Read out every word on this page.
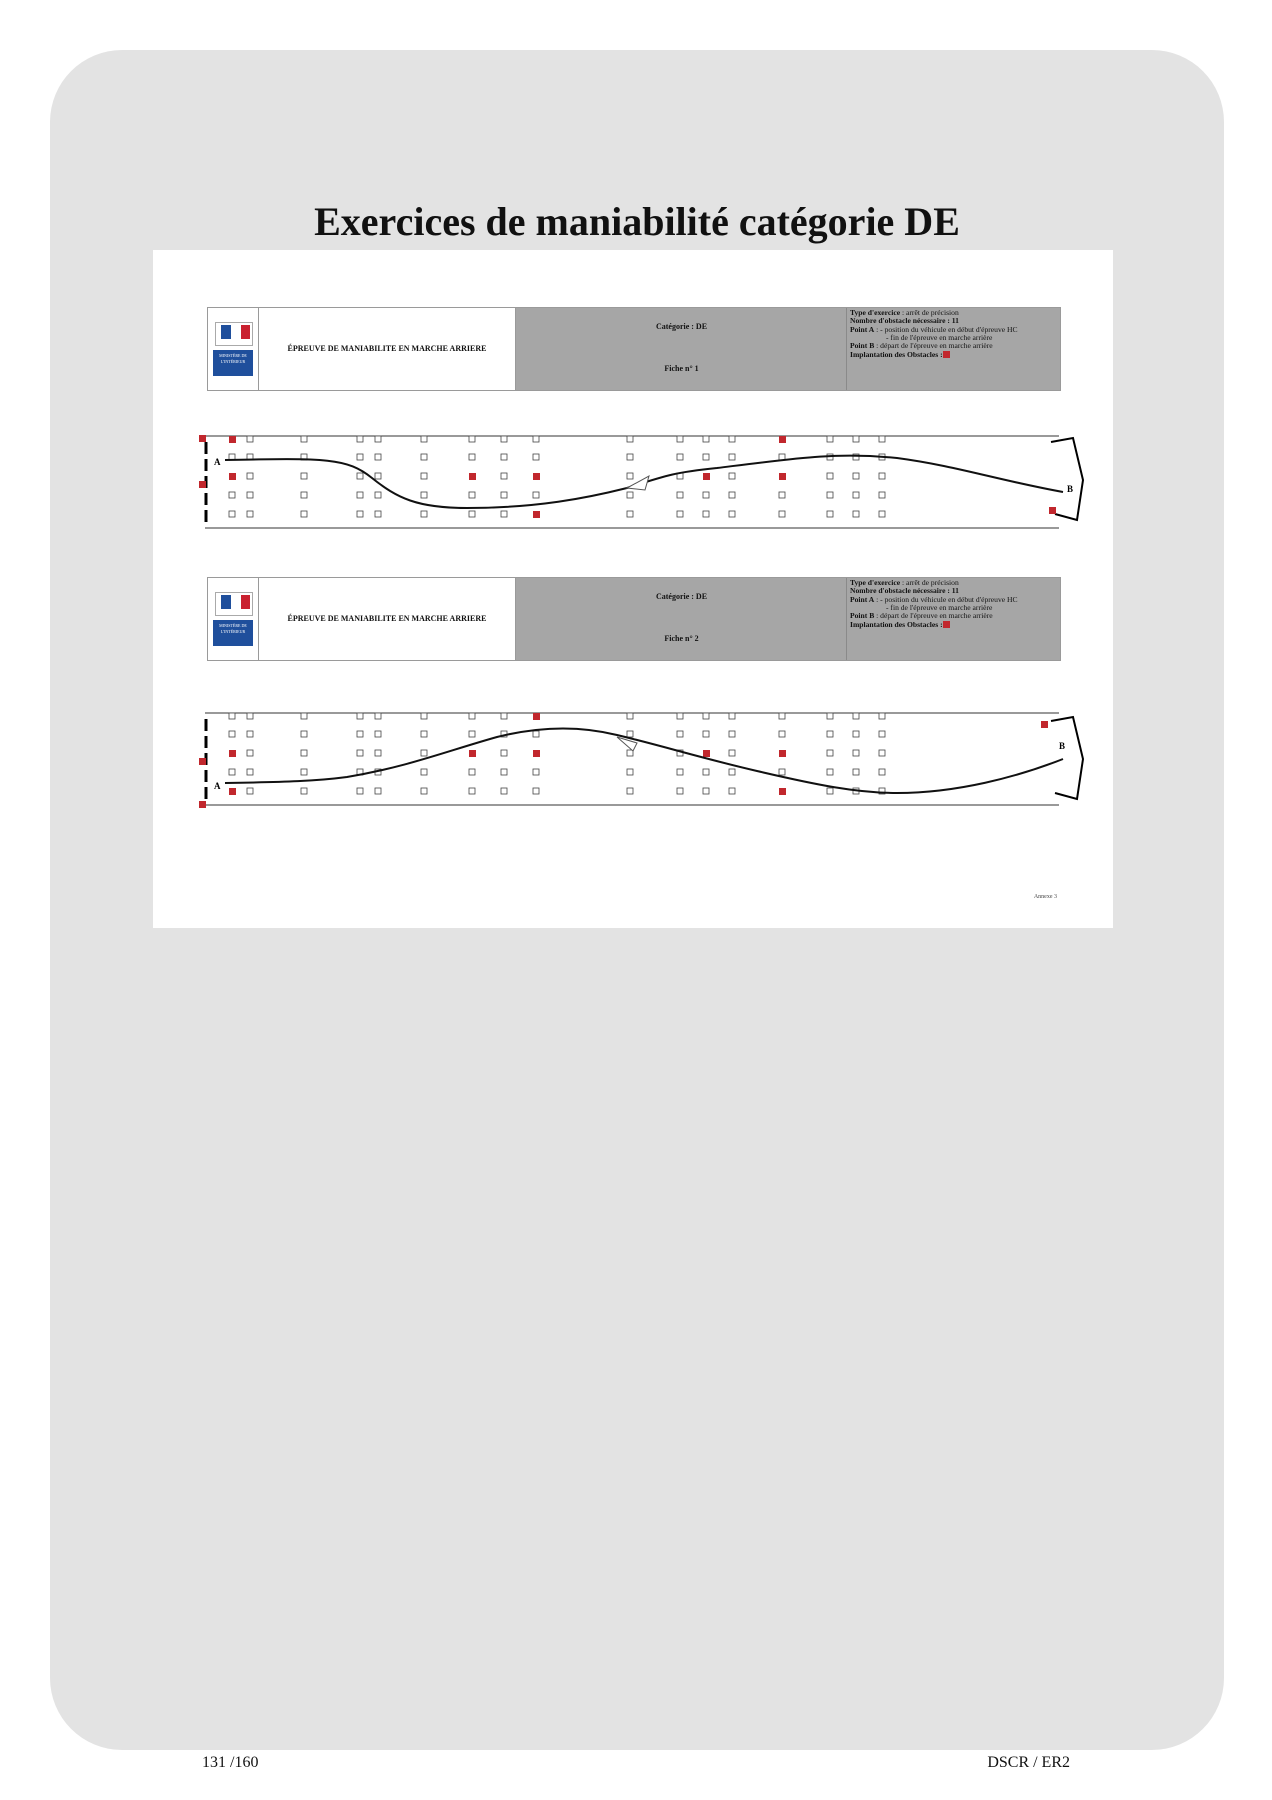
Exercices de maniabilité catégorie DE
MINISTÈRE DE L'INTÉRIEUR
ÉPREUVE DE MANIABILITE EN MARCHE ARRIERE
Catégorie : DE
Fiche n° 1
Type d'exercice : arrêt de précision
Nombre d'obstacle nécessaire : 11
Point A : - position du véhicule en début d'épreuve HC
- fin de l'épreuve en marche arrière
Point B : départ de l'épreuve en marche arrière
Implantation des Obstacles :
A
B
MINISTÈRE DE L'INTÉRIEUR
ÉPREUVE DE MANIABILITE EN MARCHE ARRIERE
Catégorie : DE
Fiche n° 2
Type d'exercice : arrêt de précision
Nombre d'obstacle nécessaire : 11
Point A : - position du véhicule en début d'épreuve HC
- fin de l'épreuve en marche arrière
Point B : départ de l'épreuve en marche arrière
Implantation des Obstacles :
A
B
Annexe 3
131 /160	DSCR / ER2
